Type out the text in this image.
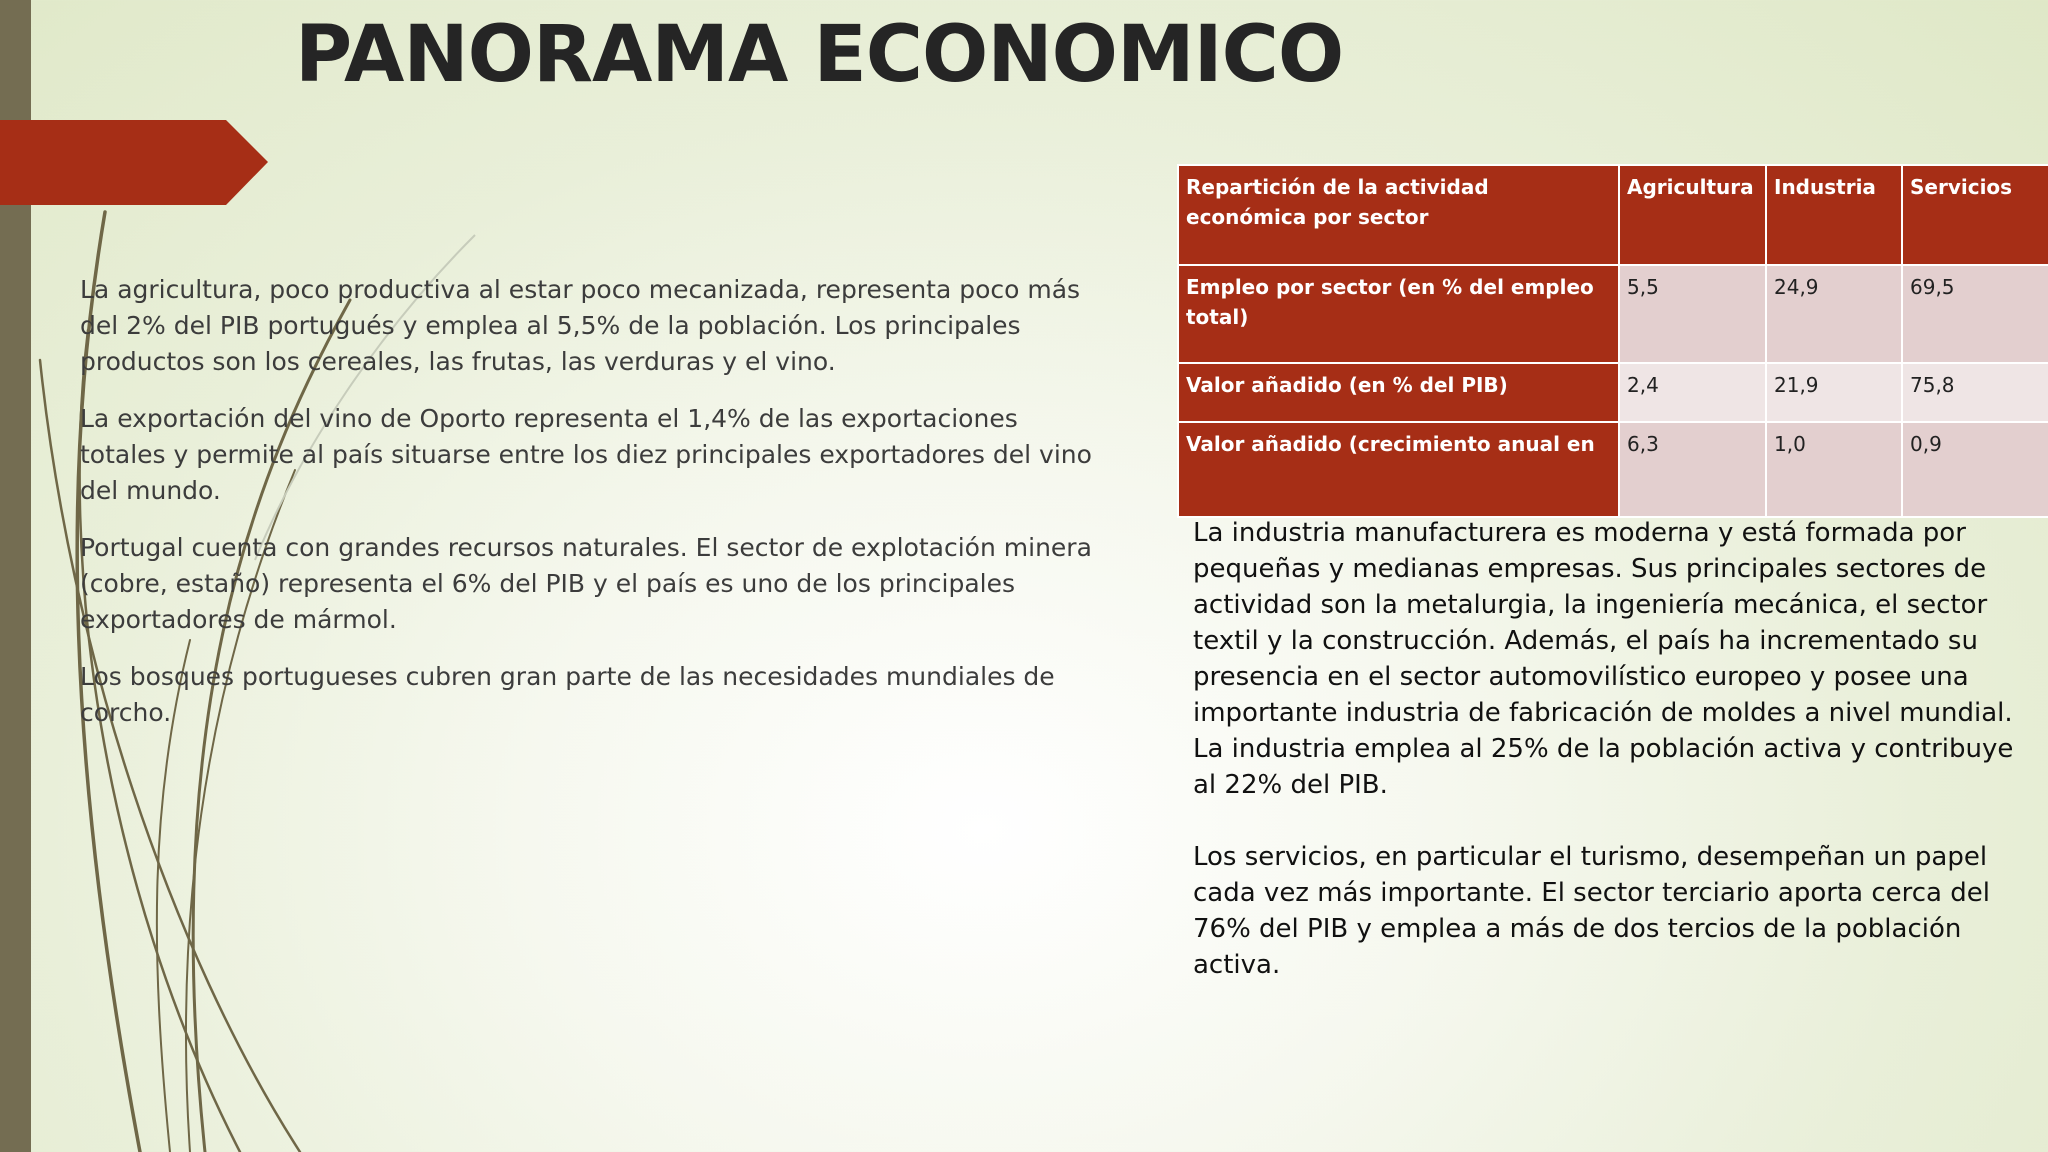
PANORAMA ECONOMICO

La agricultura, poco productiva al estar poco mecanizada, representa poco más del 2% del PIB portugués y emplea al 5,5% de la población. Los principales productos son los cereales, las frutas, las verduras y el vino.

La exportación del vino de Oporto representa el 1,4% de las exportaciones totales y permite al país situarse entre los diez principales exportadores del vino del mundo.

Portugal cuenta con grandes recursos naturales. El sector de explotación minera (cobre, estaño) representa el 6% del PIB y el país es uno de los principales exportadores de mármol.

Los bosques portugueses cubren gran parte de las necesidades mundiales de corcho.

Repartición de la actividad económica por sector	Agricultura	Industria	Servicios
Empleo por sector (en % del empleo total)	5,5	24,9	69,5
Valor añadido (en % del PIB)	2,4	21,9	75,8
Valor añadido (crecimiento anual en	6,3	1,0	0,9

La industria manufacturera es moderna y está formada por pequeñas y medianas empresas. Sus principales sectores de actividad son la metalurgia, la ingeniería mecánica, el sector textil y la construcción. Además, el país ha incrementado su presencia en el sector automovilístico europeo y posee una importante industria de fabricación de moldes a nivel mundial. La industria emplea al 25% de la población activa y contribuye al 22% del PIB.

Los servicios, en particular el turismo, desempeñan un papel cada vez más importante. El sector terciario aporta cerca del 76% del PIB y emplea a más de dos tercios de la población activa.
